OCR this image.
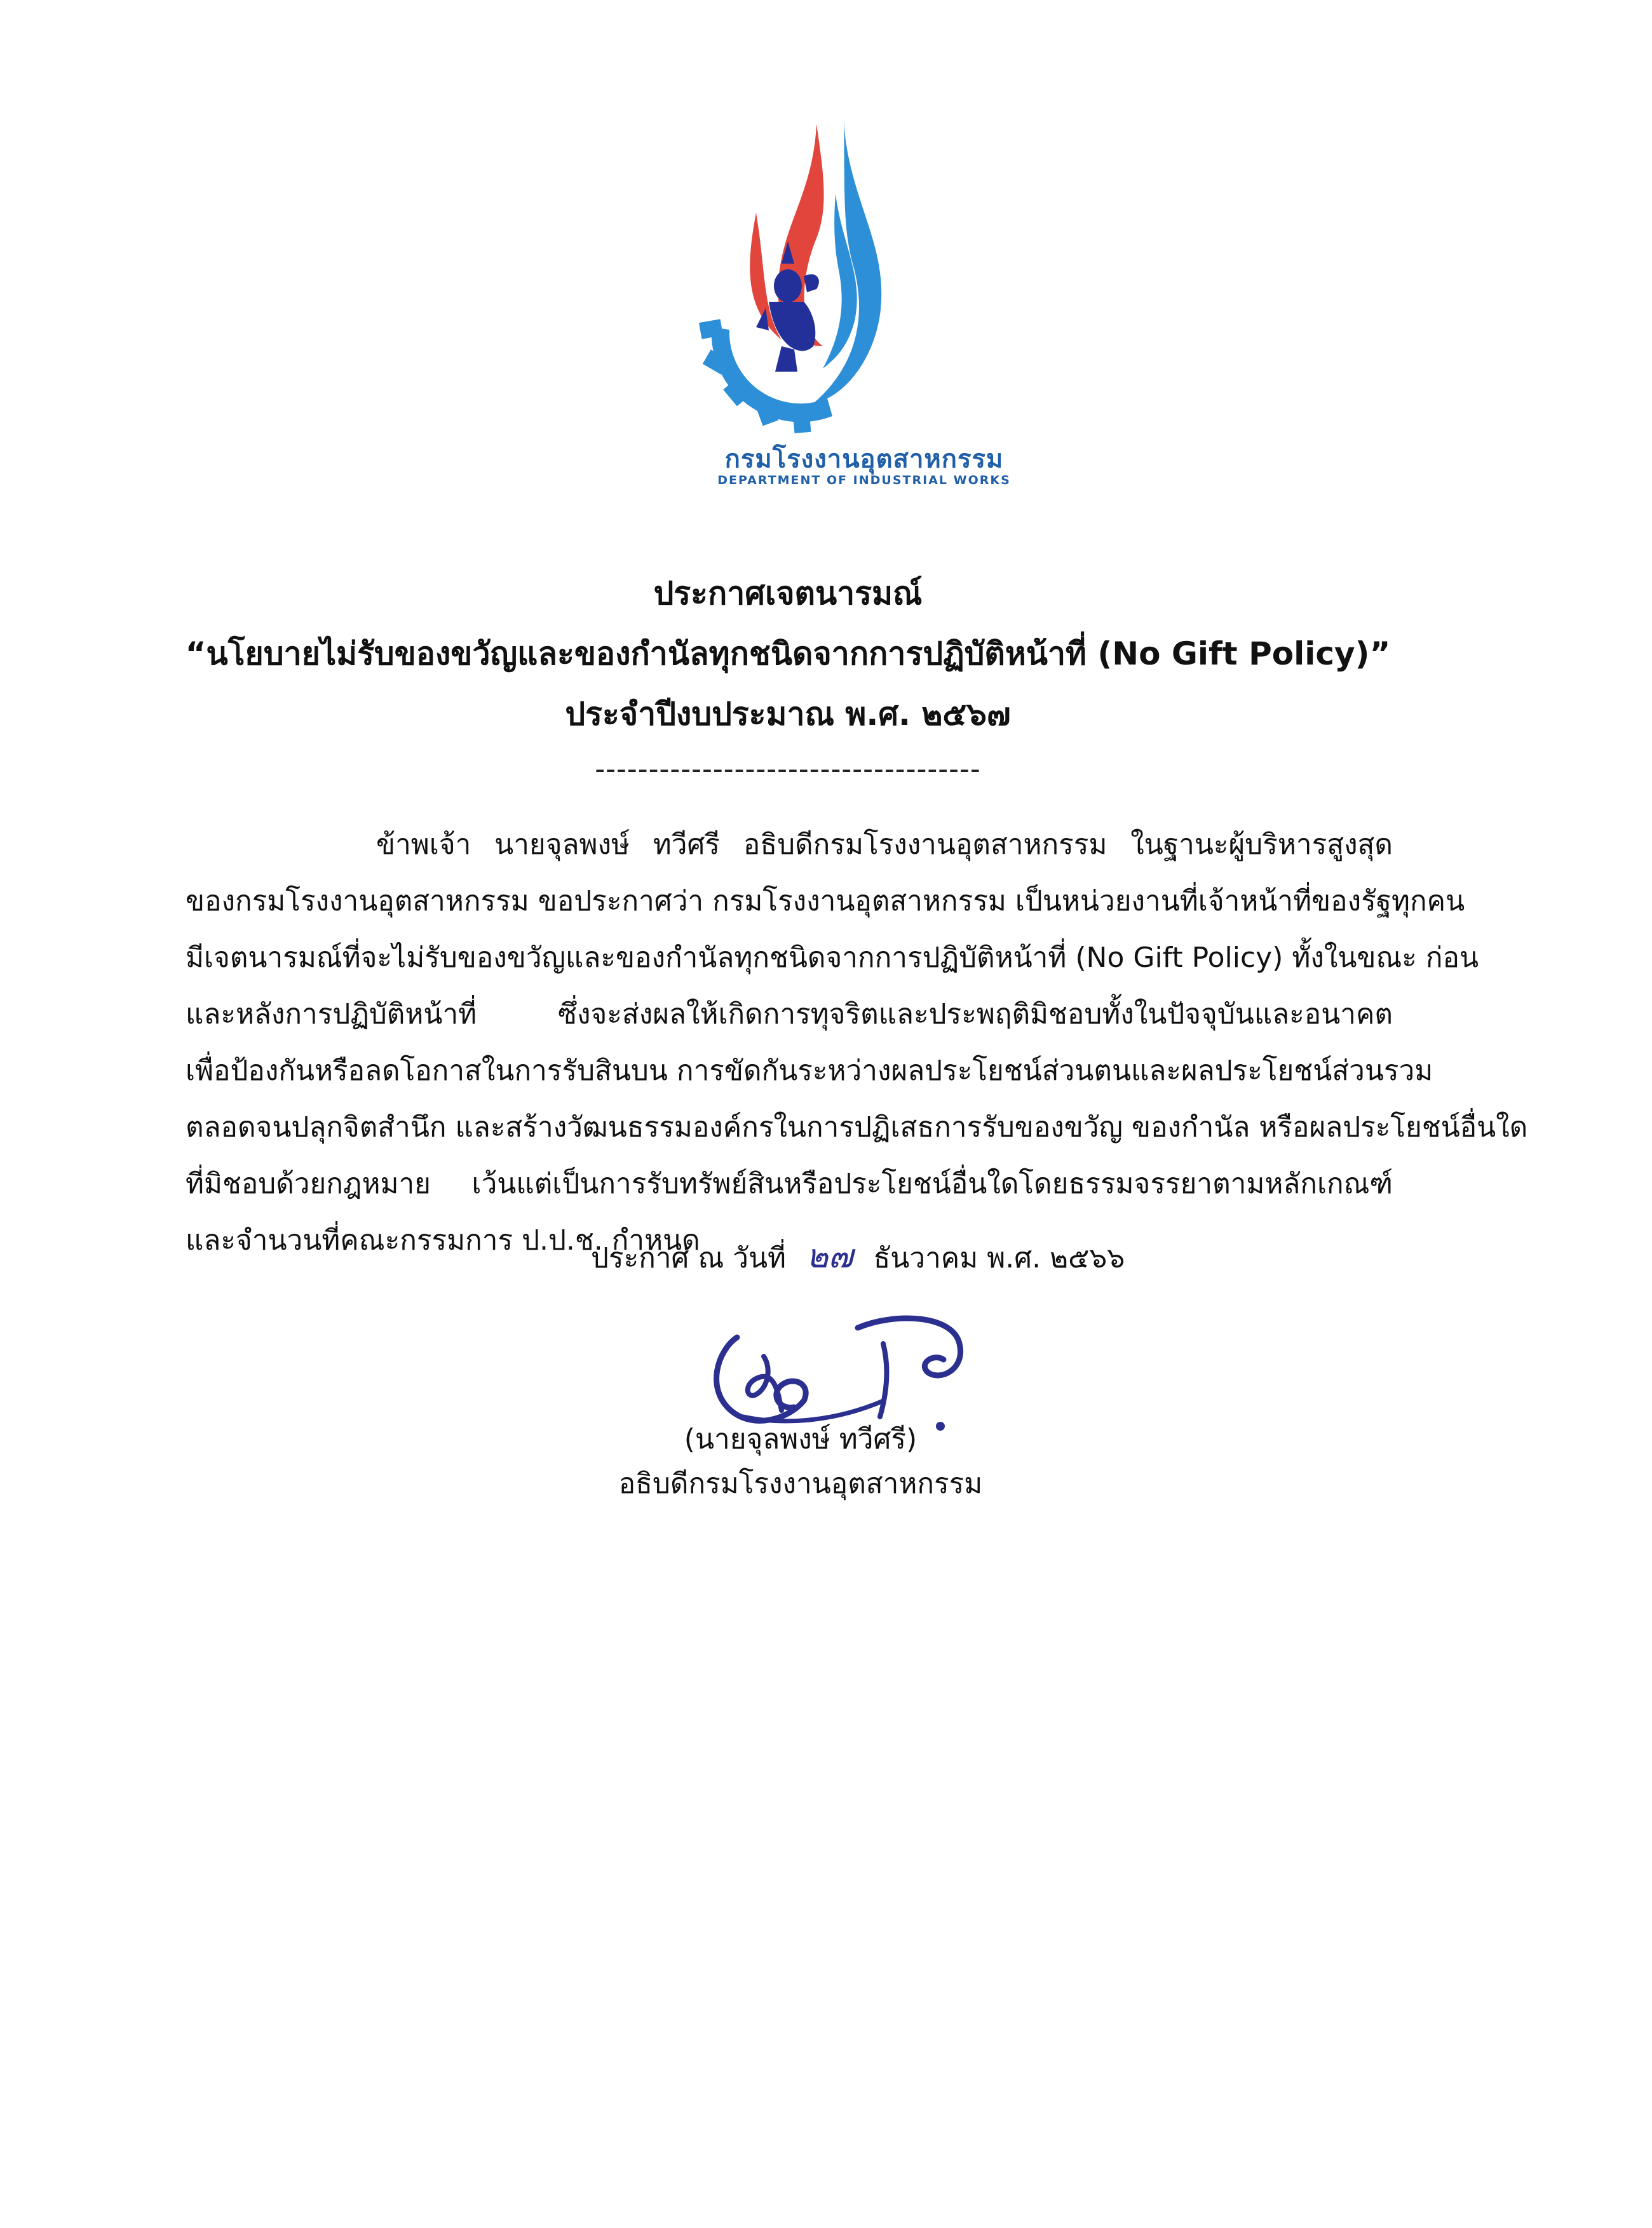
กรมโรงงานอุตสาหกรรม
DEPARTMENT OF INDUSTRIAL WORKS
ประกาศเจตนารมณ์
“นโยบายไม่รับของขวัญและของกำนัลทุกชนิดจากการปฏิบัติหน้าที่ (No Gift Policy)”
ประจำปีงบประมาณ พ.ศ. ๒๕๖๗
------------------------------------
ข้าพเจ้า นายจุลพงษ์ ทวีศรี อธิบดีกรมโรงงานอุตสาหกรรม ในฐานะผู้บริหารสูงสุด
ของกรมโรงงานอุตสาหกรรม ขอประกาศว่า กรมโรงงานอุตสาหกรรม เป็นหน่วยงานที่เจ้าหน้าที่ของรัฐทุกคน
มีเจตนารมณ์ที่จะไม่รับของขวัญและของกำนัลทุกชนิดจากการปฏิบัติหน้าที่ (No Gift Policy) ทั้งในขณะ ก่อน
และหลังการปฏิบัติหน้าที่ ซึ่งจะส่งผลให้เกิดการทุจริตและประพฤติมิชอบทั้งในปัจจุบันและอนาคต
เพื่อป้องกันหรือลดโอกาสในการรับสินบน การขัดกันระหว่างผลประโยชน์ส่วนตนและผลประโยชน์ส่วนรวม
ตลอดจนปลุกจิตสำนึก และสร้างวัฒนธรรมองค์กรในการปฏิเสธการรับของขวัญ ของกำนัล หรือผลประโยชน์อื่นใด
ที่มิชอบด้วยกฎหมาย เว้นแต่เป็นการรับทรัพย์สินหรือประโยชน์อื่นใดโดยธรรมจรรยาตามหลักเกณฑ์
และจำนวนที่คณะกรรมการ ป.ป.ช. กำหนด
ประกาศ ณ วันที่ ๒๗ ธันวาคม พ.ศ. ๒๕๖๖
(นายจุลพงษ์ ทวีศรี)
อธิบดีกรมโรงงานอุตสาหกรรม
